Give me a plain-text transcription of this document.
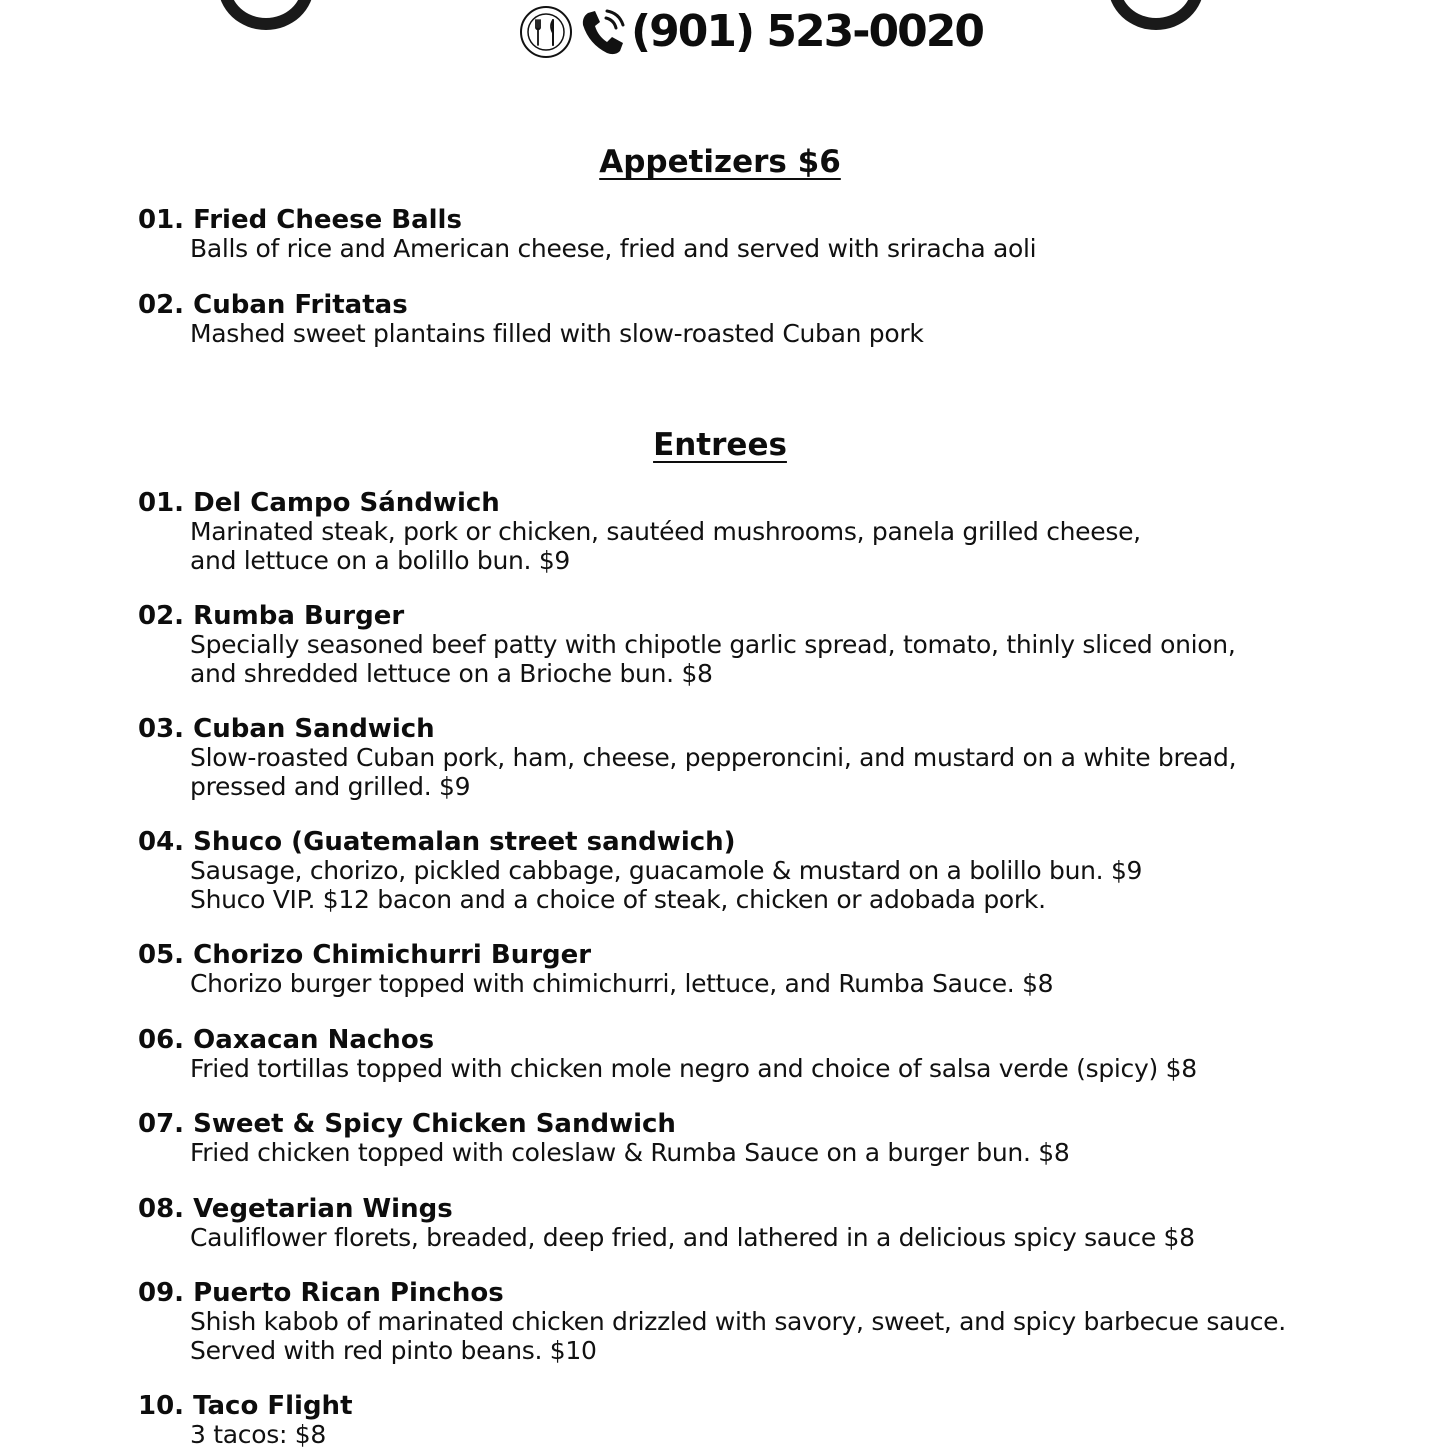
(901) 523-0020
Appetizers $6
01. Fried Cheese Balls
Balls of rice and American cheese, fried and served with sriracha aoli
02. Cuban Fritatas
Mashed sweet plantains filled with slow-roasted Cuban pork
Entrees
01. Del Campo Sándwich
Marinated steak, pork or chicken, sautéed mushrooms, panela grilled cheese,
and lettuce on a bolillo bun. $9
02. Rumba Burger
Specially seasoned beef patty with chipotle garlic spread, tomato, thinly sliced onion,
and shredded lettuce on a Brioche bun. $8
03. Cuban Sandwich
Slow-roasted Cuban pork, ham, cheese, pepperoncini, and mustard on a white bread,
pressed and grilled. $9
04. Shuco (Guatemalan street sandwich)
Sausage, chorizo, pickled cabbage, guacamole & mustard on a bolillo bun. $9
Shuco VIP. $12 bacon and a choice of steak, chicken or adobada pork.
05. Chorizo Chimichurri Burger
Chorizo burger topped with chimichurri, lettuce, and Rumba Sauce. $8
06. Oaxacan Nachos
Fried tortillas topped with chicken mole negro and choice of salsa verde (spicy) $8
07. Sweet & Spicy Chicken Sandwich
Fried chicken topped with coleslaw & Rumba Sauce on a burger bun. $8
08. Vegetarian Wings
Cauliflower florets, breaded, deep fried, and lathered in a delicious spicy sauce $8
09. Puerto Rican Pinchos
Shish kabob of marinated chicken drizzled with savory, sweet, and spicy barbecue sauce.
Served with red pinto beans. $10
10. Taco Flight
3 tacos: $8
